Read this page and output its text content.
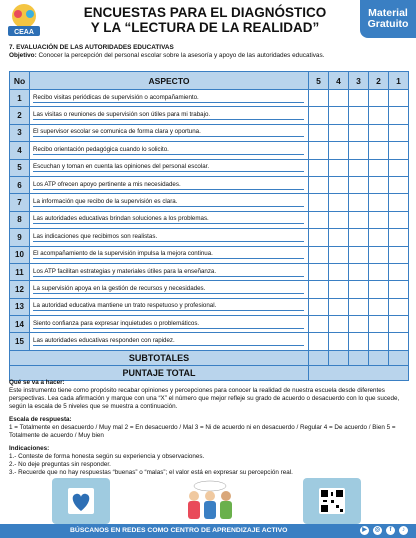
CEAA
ENCUESTAS PARA EL DIAGNÓSTICO
Y LA “LECTURA DE LA REALIDAD”
Material
Gratuito
7. EVALUACIÓN DE LAS AUTORIDADES EDUCATIVAS
Objetivo: Conocer la percepción del personal escolar sobre la asesoría y apoyo de las autoridades educativas.
No	ASPECTO	5	4	3	2	1
1	Recibo visitas periódicas de supervisión o acompañamiento.					

2	Las visitas o reuniones de supervisión son útiles para mi trabajo.					

3	El supervisor escolar se comunica de forma clara y oportuna.					

4	Recibo orientación pedagógica cuando lo solicito.					

5	Escuchan y toman en cuenta las opiniones del personal escolar.					

6	Los ATP ofrecen apoyo pertinente a mis necesidades.					

7	La información que recibo de la supervisión es clara.					

8	Las autoridades educativas brindan soluciones a los problemas.					

9	Las indicaciones que recibimos son realistas.					

10	El acompañamiento de la supervisión impulsa la mejora continua.					

11	Los ATP facilitan estrategias y materiales útiles para la enseñanza.					

12	La supervisión apoya en la gestión de recursos y necesidades.					

13	La autoridad educativa mantiene un trato respetuoso y profesional.					

14	Siento confianza para expresar inquietudes o problemáticos.					

15	Las autoridades educativas responden con rapidez.					

SUBTOTALES						
PUNTAJE TOTAL						

Qué se va a hacer:

Este instrumento tiene como propósito recabar opiniones y percepciones para conocer la realidad de nuestra escuela desde diferentes perspectivas. Lea cada afirmación y marque con una “X” el número que mejor refleje su grado de acuerdo o desacuerdo con lo que sucede, según la escala de 5 niveles que se muestra a continuación.

Escala de respuesta:

1 = Totalmente en desacuerdo / Muy mal 2 = En desacuerdo / Mal 3 = Ni de acuerdo ni en desacuerdo / Regular 4 = De acuerdo / Bien 5 = Totalmente de acuerdo / Muy bien

Indicaciones:

1.- Conteste de forma honesta según su experiencia y observaciones.

2.- No deje preguntas sin responder.

3.- Recuerde que no hay respuestas “buenas” o “malas”; el valor está en expresar su percepción real.

BÚSCANOS EN REDES COMO CENTRO DE APRENDIZAJE ACTIVO	▶	◎	f	♪
